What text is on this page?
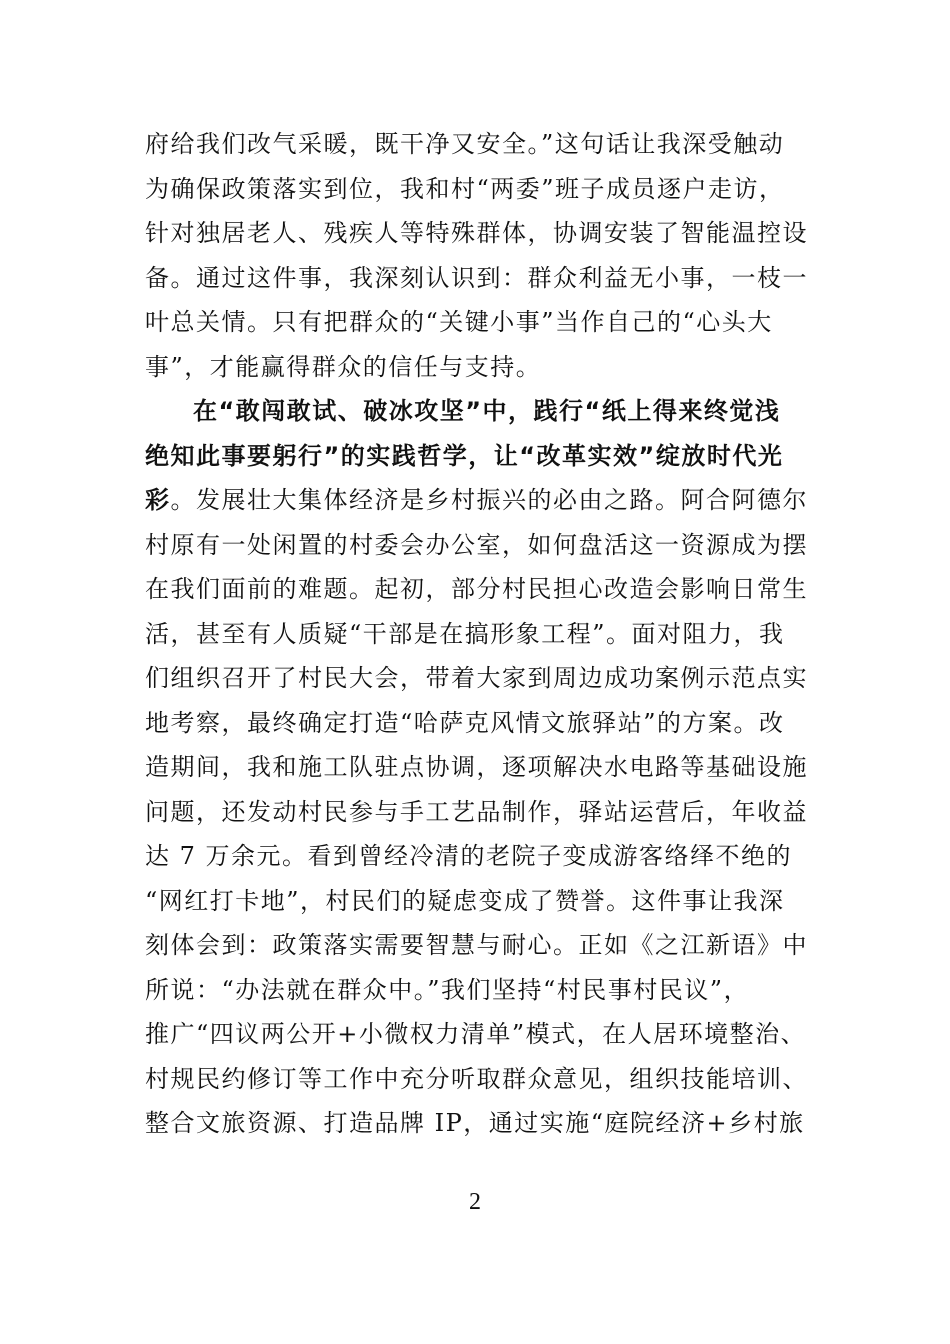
府给我们改气采暖，既干净又安全。”这句话让我深受触动
为确保政策落实到位，我和村“两委”班子成员逐户走访，
针对独居老人、残疾人等特殊群体，协调安装了智能温控设
备。通过这件事，我深刻认识到：群众利益无小事，一枝一
叶总关情。只有把群众的“关键小事”当作自己的“心头大
事”，才能赢得群众的信任与支持。
在“敢闯敢试、破冰攻坚”中，践行“纸上得来终觉浅
绝知此事要躬行”的实践哲学，让“改革实效”绽放时代光
彩。发展壮大集体经济是乡村振兴的必由之路。阿合阿德尔
村原有一处闲置的村委会办公室，如何盘活这一资源成为摆
在我们面前的难题。起初，部分村民担心改造会影响日常生
活，甚至有人质疑“干部是在搞形象工程”。面对阻力，我
们组织召开了村民大会，带着大家到周边成功案例示范点实
地考察，最终确定打造“哈萨克风情文旅驿站”的方案。改
造期间，我和施工队驻点协调，逐项解决水电路等基础设施
问题，还发动村民参与手工艺品制作，驿站运营后，年收益
达 7 万余元。看到曾经冷清的老院子变成游客络绎不绝的
“网红打卡地”，村民们的疑虑变成了赞誉。这件事让我深
刻体会到：政策落实需要智慧与耐心。正如《之江新语》中
所说：“办法就在群众中。”我们坚持“村民事村民议”，
推广“四议两公开+小微权力清单”模式，在人居环境整治、
村规民约修订等工作中充分听取群众意见，组织技能培训、
整合文旅资源、打造品牌 IP，通过实施“庭院经济+乡村旅
2
